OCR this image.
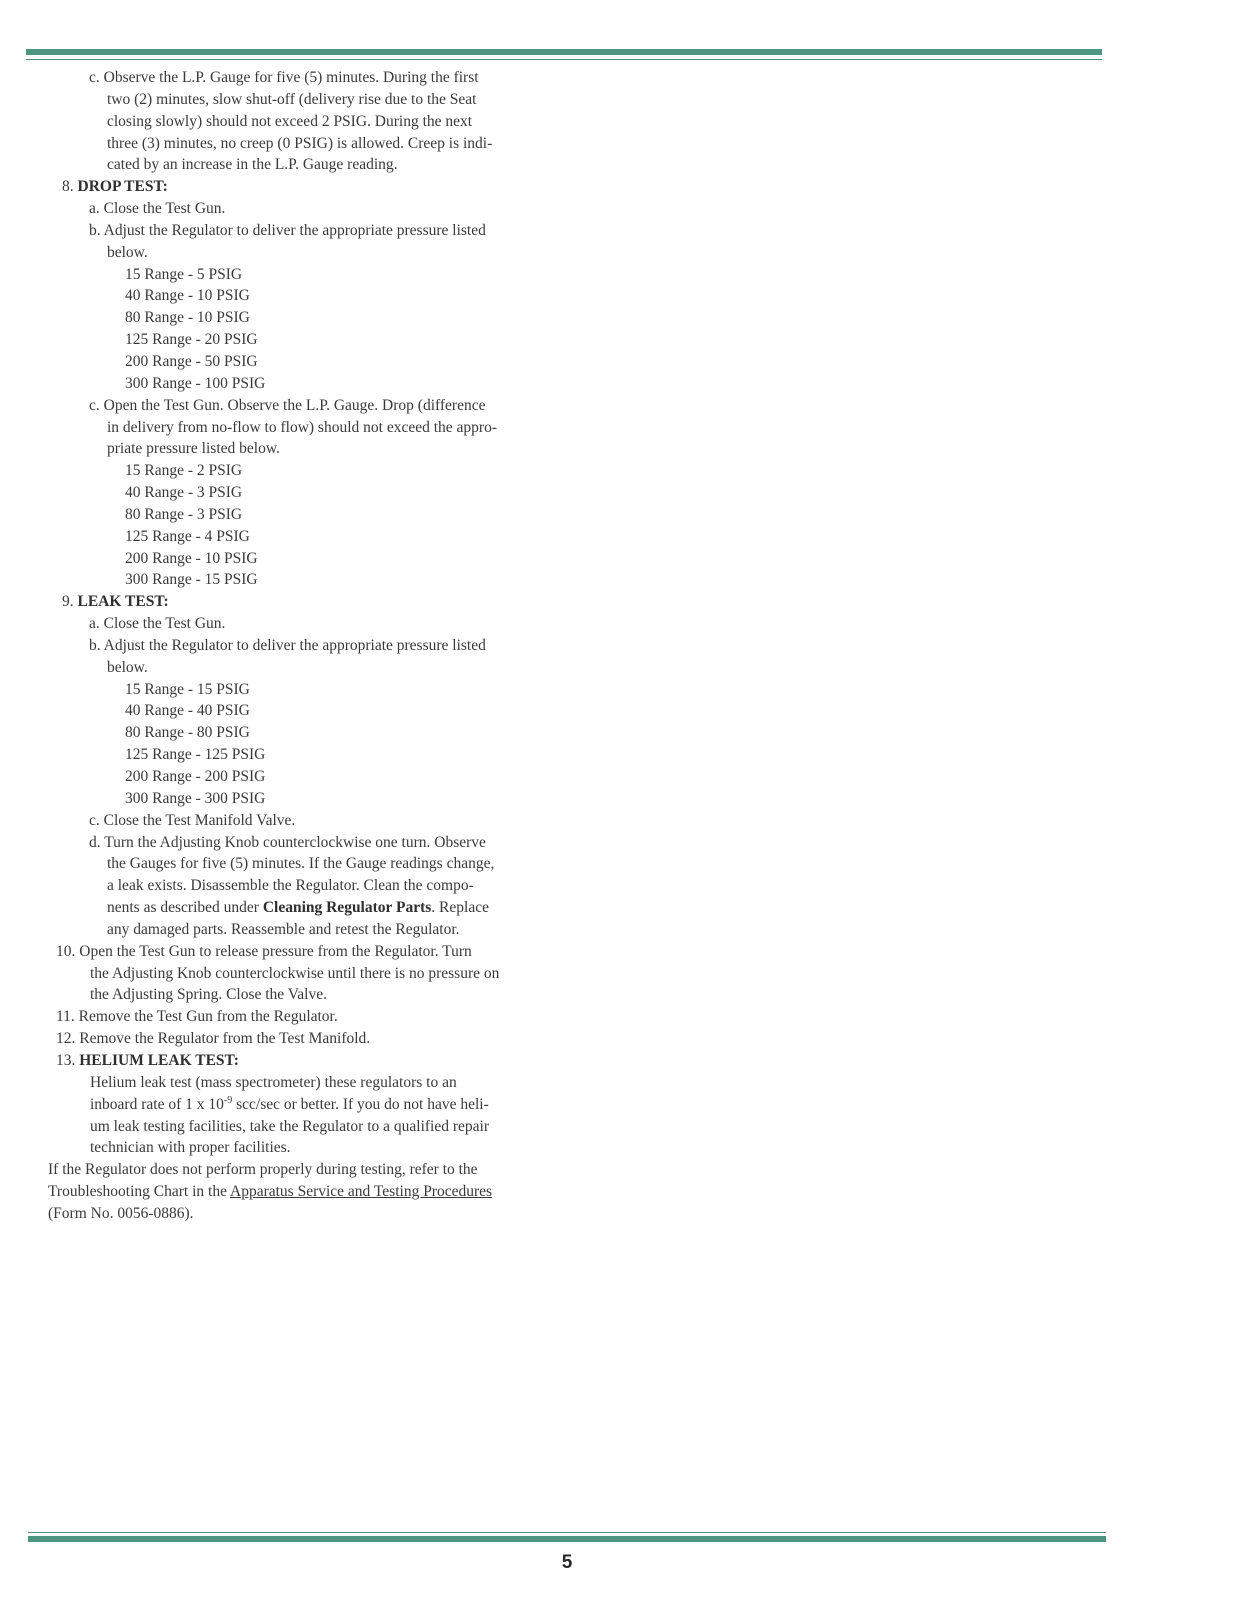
c. Observe the L.P. Gauge for five (5) minutes. During the first
two (2) minutes, slow shut-off (delivery rise due to the Seat
closing slowly) should not exceed 2 PSIG. During the next
three (3) minutes, no creep (0 PSIG) is allowed. Creep is indi-
cated by an increase in the L.P. Gauge reading.
8. DROP TEST:
a. Close the Test Gun.
b. Adjust the Regulator to deliver the appropriate pressure listed
below.
15 Range - 5 PSIG
40 Range - 10 PSIG
80 Range - 10 PSIG
125 Range - 20 PSIG
200 Range - 50 PSIG
300 Range - 100 PSIG
c. Open the Test Gun. Observe the L.P. Gauge. Drop (difference
in delivery from no-flow to flow) should not exceed the appro-
priate pressure listed below.
15 Range - 2 PSIG
40 Range - 3 PSIG
80 Range - 3 PSIG
125 Range - 4 PSIG
200 Range - 10 PSIG
300 Range - 15 PSIG
9. LEAK TEST:
a. Close the Test Gun.
b. Adjust the Regulator to deliver the appropriate pressure listed
below.
15 Range - 15 PSIG
40 Range - 40 PSIG
80 Range - 80 PSIG
125 Range - 125 PSIG
200 Range - 200 PSIG
300 Range - 300 PSIG
c. Close the Test Manifold Valve.
d. Turn the Adjusting Knob counterclockwise one turn. Observe
the Gauges for five (5) minutes. If the Gauge readings change,
a leak exists. Disassemble the Regulator. Clean the compo-
nents as described under Cleaning Regulator Parts. Replace
any damaged parts. Reassemble and retest the Regulator.
10. Open the Test Gun to release pressure from the Regulator. Turn
the Adjusting Knob counterclockwise until there is no pressure on
the Adjusting Spring. Close the Valve.
11. Remove the Test Gun from the Regulator.
12. Remove the Regulator from the Test Manifold.
13. HELIUM LEAK TEST:
Helium leak test (mass spectrometer) these regulators to an
inboard rate of 1 x $10^{-9}$ scc/sec or better. If you do not have heli-
um leak testing facilities, take the Regulator to a qualified repair
technician with proper facilities.
If the Regulator does not perform properly during testing, refer to the
Troubleshooting Chart in the Apparatus Service and Testing Procedures
(Form No. 0056-0886).
5
